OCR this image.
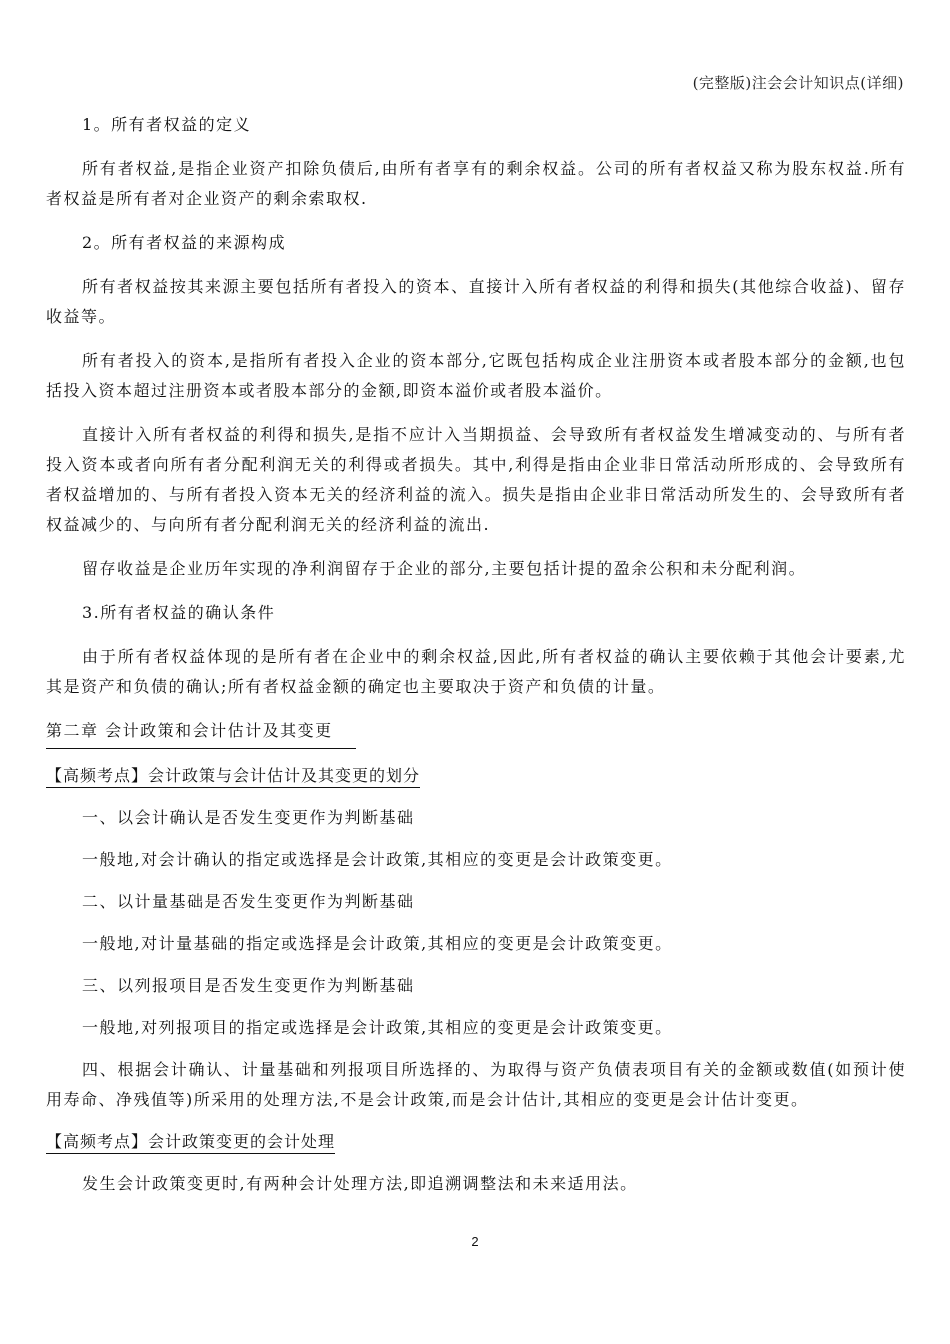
(完整版)注会会计知识点(详细)

1。所有者权益的定义

所有者权益,是指企业资产扣除负债后,由所有者享有的剩余权益。公司的所有者权益又称为股东权益.所有者权益是所有者对企业资产的剩余索取权.

2。所有者权益的来源构成

所有者权益按其来源主要包括所有者投入的资本、直接计入所有者权益的利得和损失(其他综合收益)、留存收益等。

所有者投入的资本,是指所有者投入企业的资本部分,它既包括构成企业注册资本或者股本部分的金额,也包括投入资本超过注册资本或者股本部分的金额,即资本溢价或者股本溢价。

直接计入所有者权益的利得和损失,是指不应计入当期损益、会导致所有者权益发生增减变动的、与所有者投入资本或者向所有者分配利润无关的利得或者损失。其中,利得是指由企业非日常活动所形成的、会导致所有者权益增加的、与所有者投入资本无关的经济利益的流入。损失是指由企业非日常活动所发生的、会导致所有者权益减少的、与向所有者分配利润无关的经济利益的流出.

留存收益是企业历年实现的净利润留存于企业的部分,主要包括计提的盈余公积和未分配利润。

3.所有者权益的确认条件

由于所有者权益体现的是所有者在企业中的剩余权益,因此,所有者权益的确认主要依赖于其他会计要素,尤其是资产和负债的确认;所有者权益金额的确定也主要取决于资产和负债的计量。

第二章 会计政策和会计估计及其变更

【高频考点】会计政策与会计估计及其变更的划分

一、以会计确认是否发生变更作为判断基础

一般地,对会计确认的指定或选择是会计政策,其相应的变更是会计政策变更。

二、以计量基础是否发生变更作为判断基础

一般地,对计量基础的指定或选择是会计政策,其相应的变更是会计政策变更。

三、以列报项目是否发生变更作为判断基础

一般地,对列报项目的指定或选择是会计政策,其相应的变更是会计政策变更。

四、根据会计确认、计量基础和列报项目所选择的、为取得与资产负债表项目有关的金额或数值(如预计使用寿命、净残值等)所采用的处理方法,不是会计政策,而是会计估计,其相应的变更是会计估计变更。

【高频考点】会计政策变更的会计处理

发生会计政策变更时,有两种会计处理方法,即追溯调整法和未来适用法。

2
